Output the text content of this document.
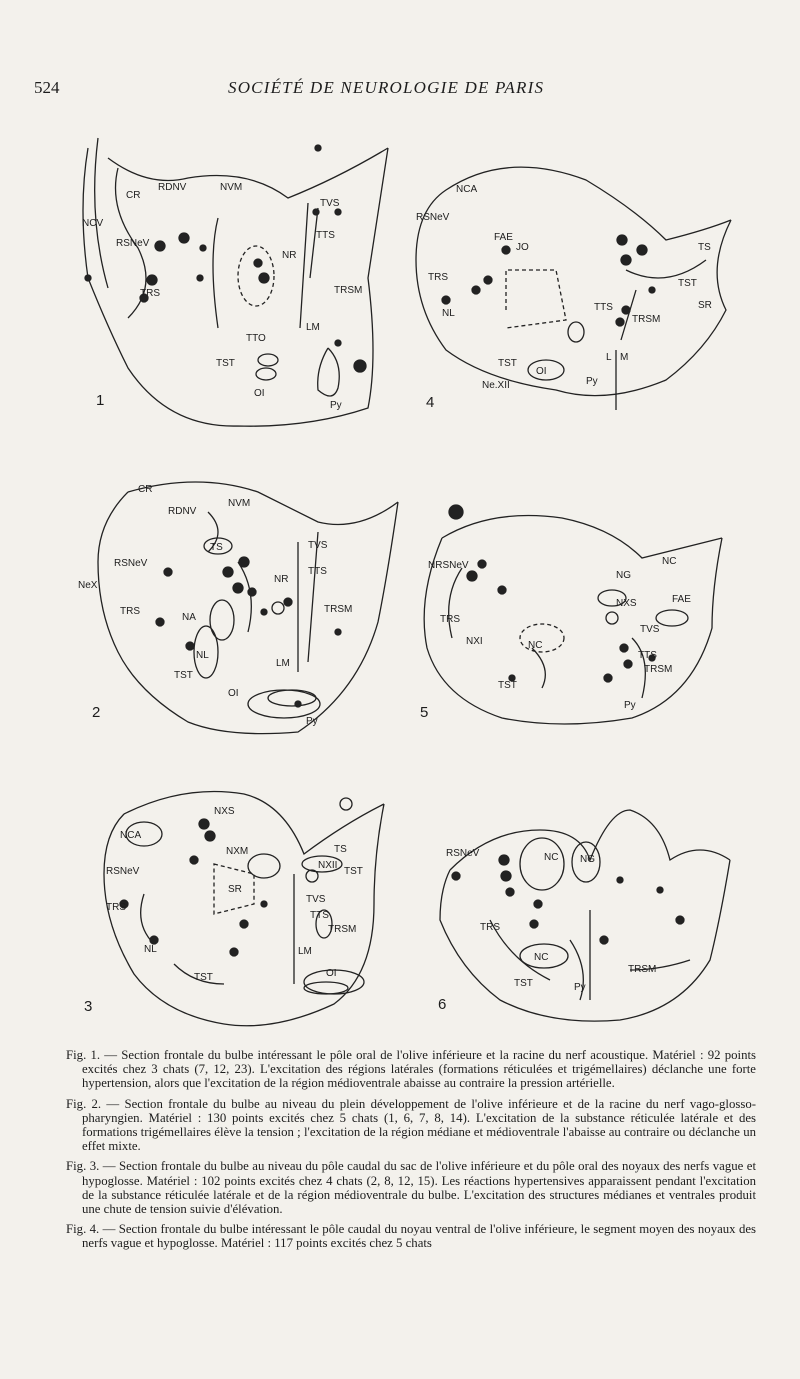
524	SOCIÉTÉ DE NEUROLOGIE DE PARIS
CR
RDNV	NVM
TVS
TTS
NR
TRSM
LM
TTO
TST
OI
Py
RSNeV
TRS
NCV
1
NCA
RSNeV
FAE
JO	TS
TST
SR
TTS
TRSM
TRS
NL
OI
Py
L M
Ne.XII
TST
4
CR
RDNV
NVM
TS	TVS
TTS
NR
TRSM
RSNeV
NeX
TRS
NA
NL
TST
OI
LM
Py
2
NRSNeV
NG
NC
NXS	FAE
TVS
TTS
TRSM
TRS
NXI	NC
TST
Py
5
NXS
NCA
NXM
RSNeV
SR
NXII
TS
TST
TVS
TTS
TRSM
TRS
NL	LM
OI
TST
3
RSNeV	NC NG
TRS
NC
TST	Py
TRSM
6

Fig. 1. — Section frontale du bulbe intéressant le pôle oral de l'olive inférieure et la racine du nerf acoustique. Matériel : 92 points excités chez 3 chats (7, 12, 23). L'excitation des régions latérales (formations réticulées et trigémellaires) déclanche une forte hypertension, alors que l'excitation de la région médioventrale abaisse au contraire la pression artérielle.

Fig. 2. — Section frontale du bulbe au niveau du plein développement de l'olive inférieure et de la racine du nerf vago-glosso-pharyngien. Matériel : 130 points excités chez 5 chats (1, 6, 7, 8, 14). L'excitation de la substance réticulée latérale et des formations trigémellaires élève la tension ; l'excitation de la région médiane et médioventrale l'abaisse au contraire ou déclanche un effet mixte.

Fig. 3. — Section frontale du bulbe au niveau du pôle caudal du sac de l'olive inférieure et du pôle oral des noyaux des nerfs vague et hypoglosse. Matériel : 102 points excités chez 4 chats (2, 8, 12, 15). Les réactions hypertensives apparaissent pendant l'excitation de la substance réticulée latérale et de la région médioventrale du bulbe. L'excitation des structures médianes et ventrales produit une chute de tension suivie d'élévation.

Fig. 4. — Section frontale du bulbe intéressant le pôle caudal du noyau ventral de l'olive inférieure, le segment moyen des noyaux des nerfs vague et hypoglosse. Matériel : 117 points excités chez 5 chats
